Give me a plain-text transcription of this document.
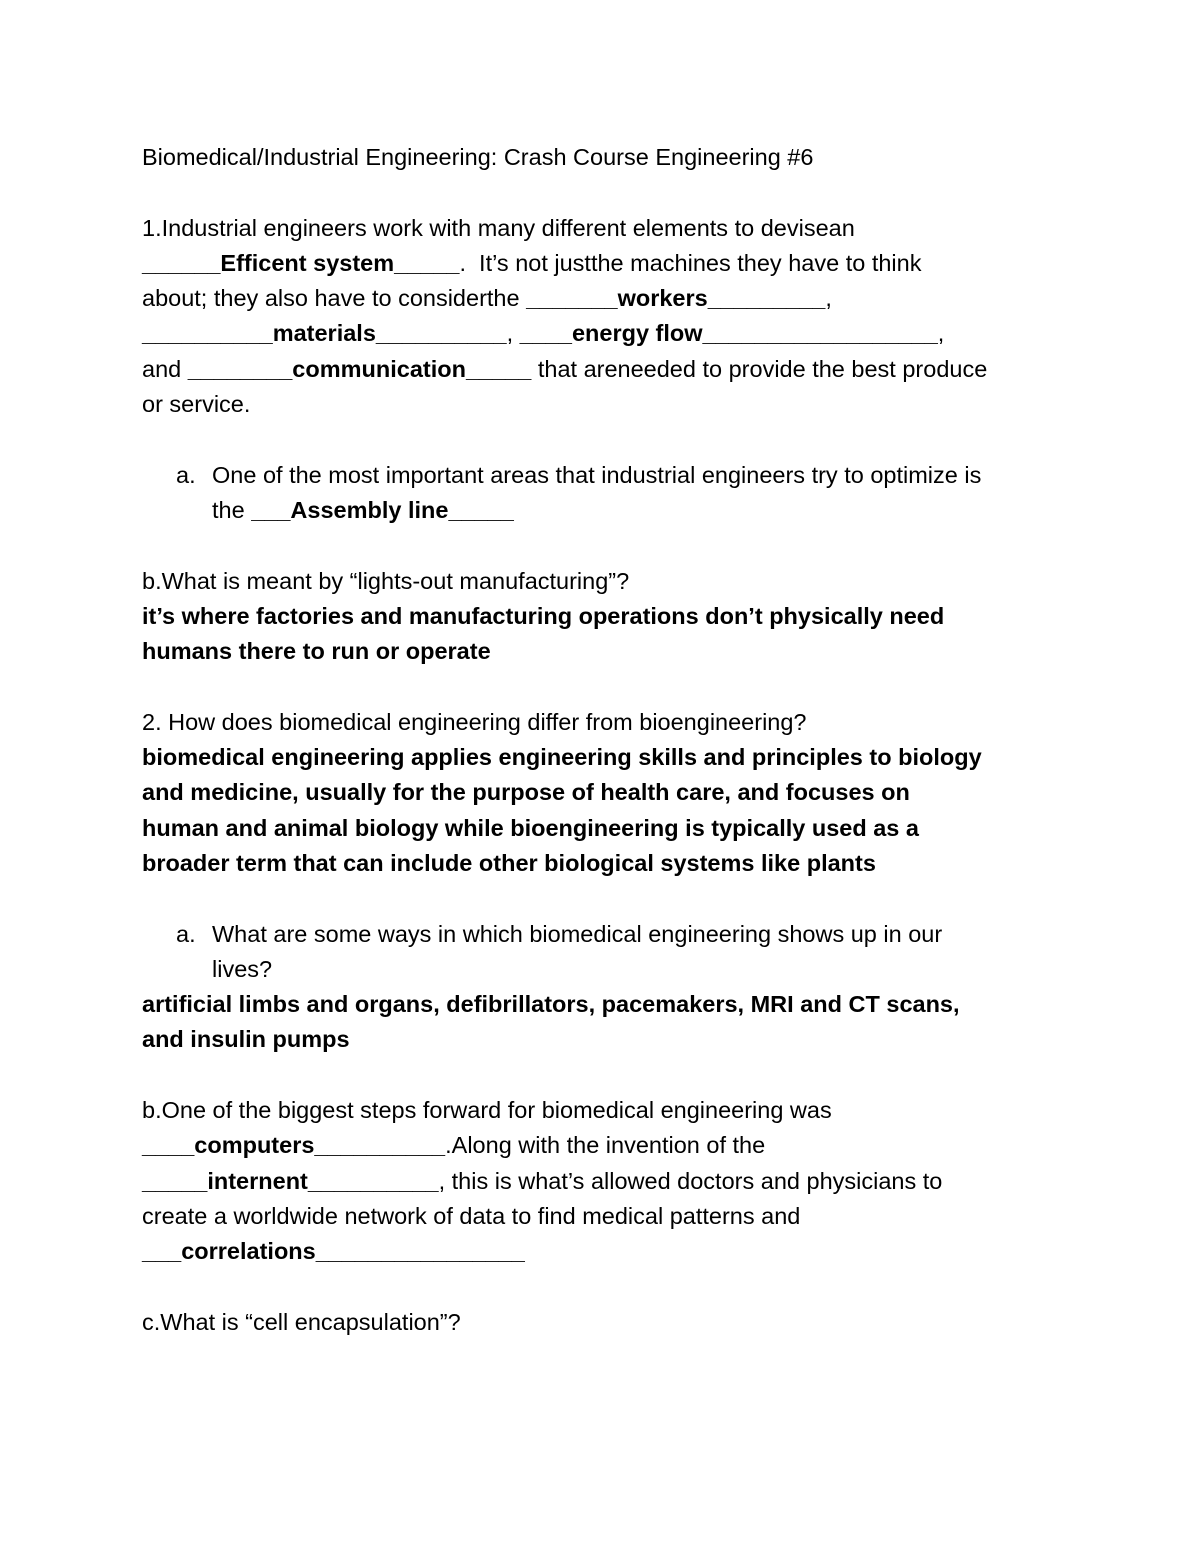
Biomedical/Industrial Engineering: Crash Course Engineering #6
1.Industrial engineers work with many different elements to devisean
______Efficent system_____.  It’s not justthe machines they have to think
about; they also have to considerthe _______workers_________,
__________materials__________, ____energy flow__________________,
and ________communication_____ that areneeded to provide the best produce
or service.
a. One of the most important areas that industrial engineers try to optimize is
the ___Assembly line_____
b.What is meant by “lights-out manufacturing”?
it’s where factories and manufacturing operations don’t physically need
humans there to run or operate
2. How does biomedical engineering differ from bioengineering?
biomedical engineering applies engineering skills and principles to biology
and medicine, usually for the purpose of health care, and focuses on
human and animal biology while bioengineering is typically used as a
broader term that can include other biological systems like plants
a. What are some ways in which biomedical engineering shows up in our
lives?
artificial limbs and organs, defibrillators, pacemakers, MRI and CT scans,
and insulin pumps
b.One of the biggest steps forward for biomedical engineering was
____computers__________.Along with the invention of the
_____internent__________, this is what’s allowed doctors and physicians to
create a worldwide network of data to find medical patterns and
___correlations________________
c.What is “cell encapsulation”?
